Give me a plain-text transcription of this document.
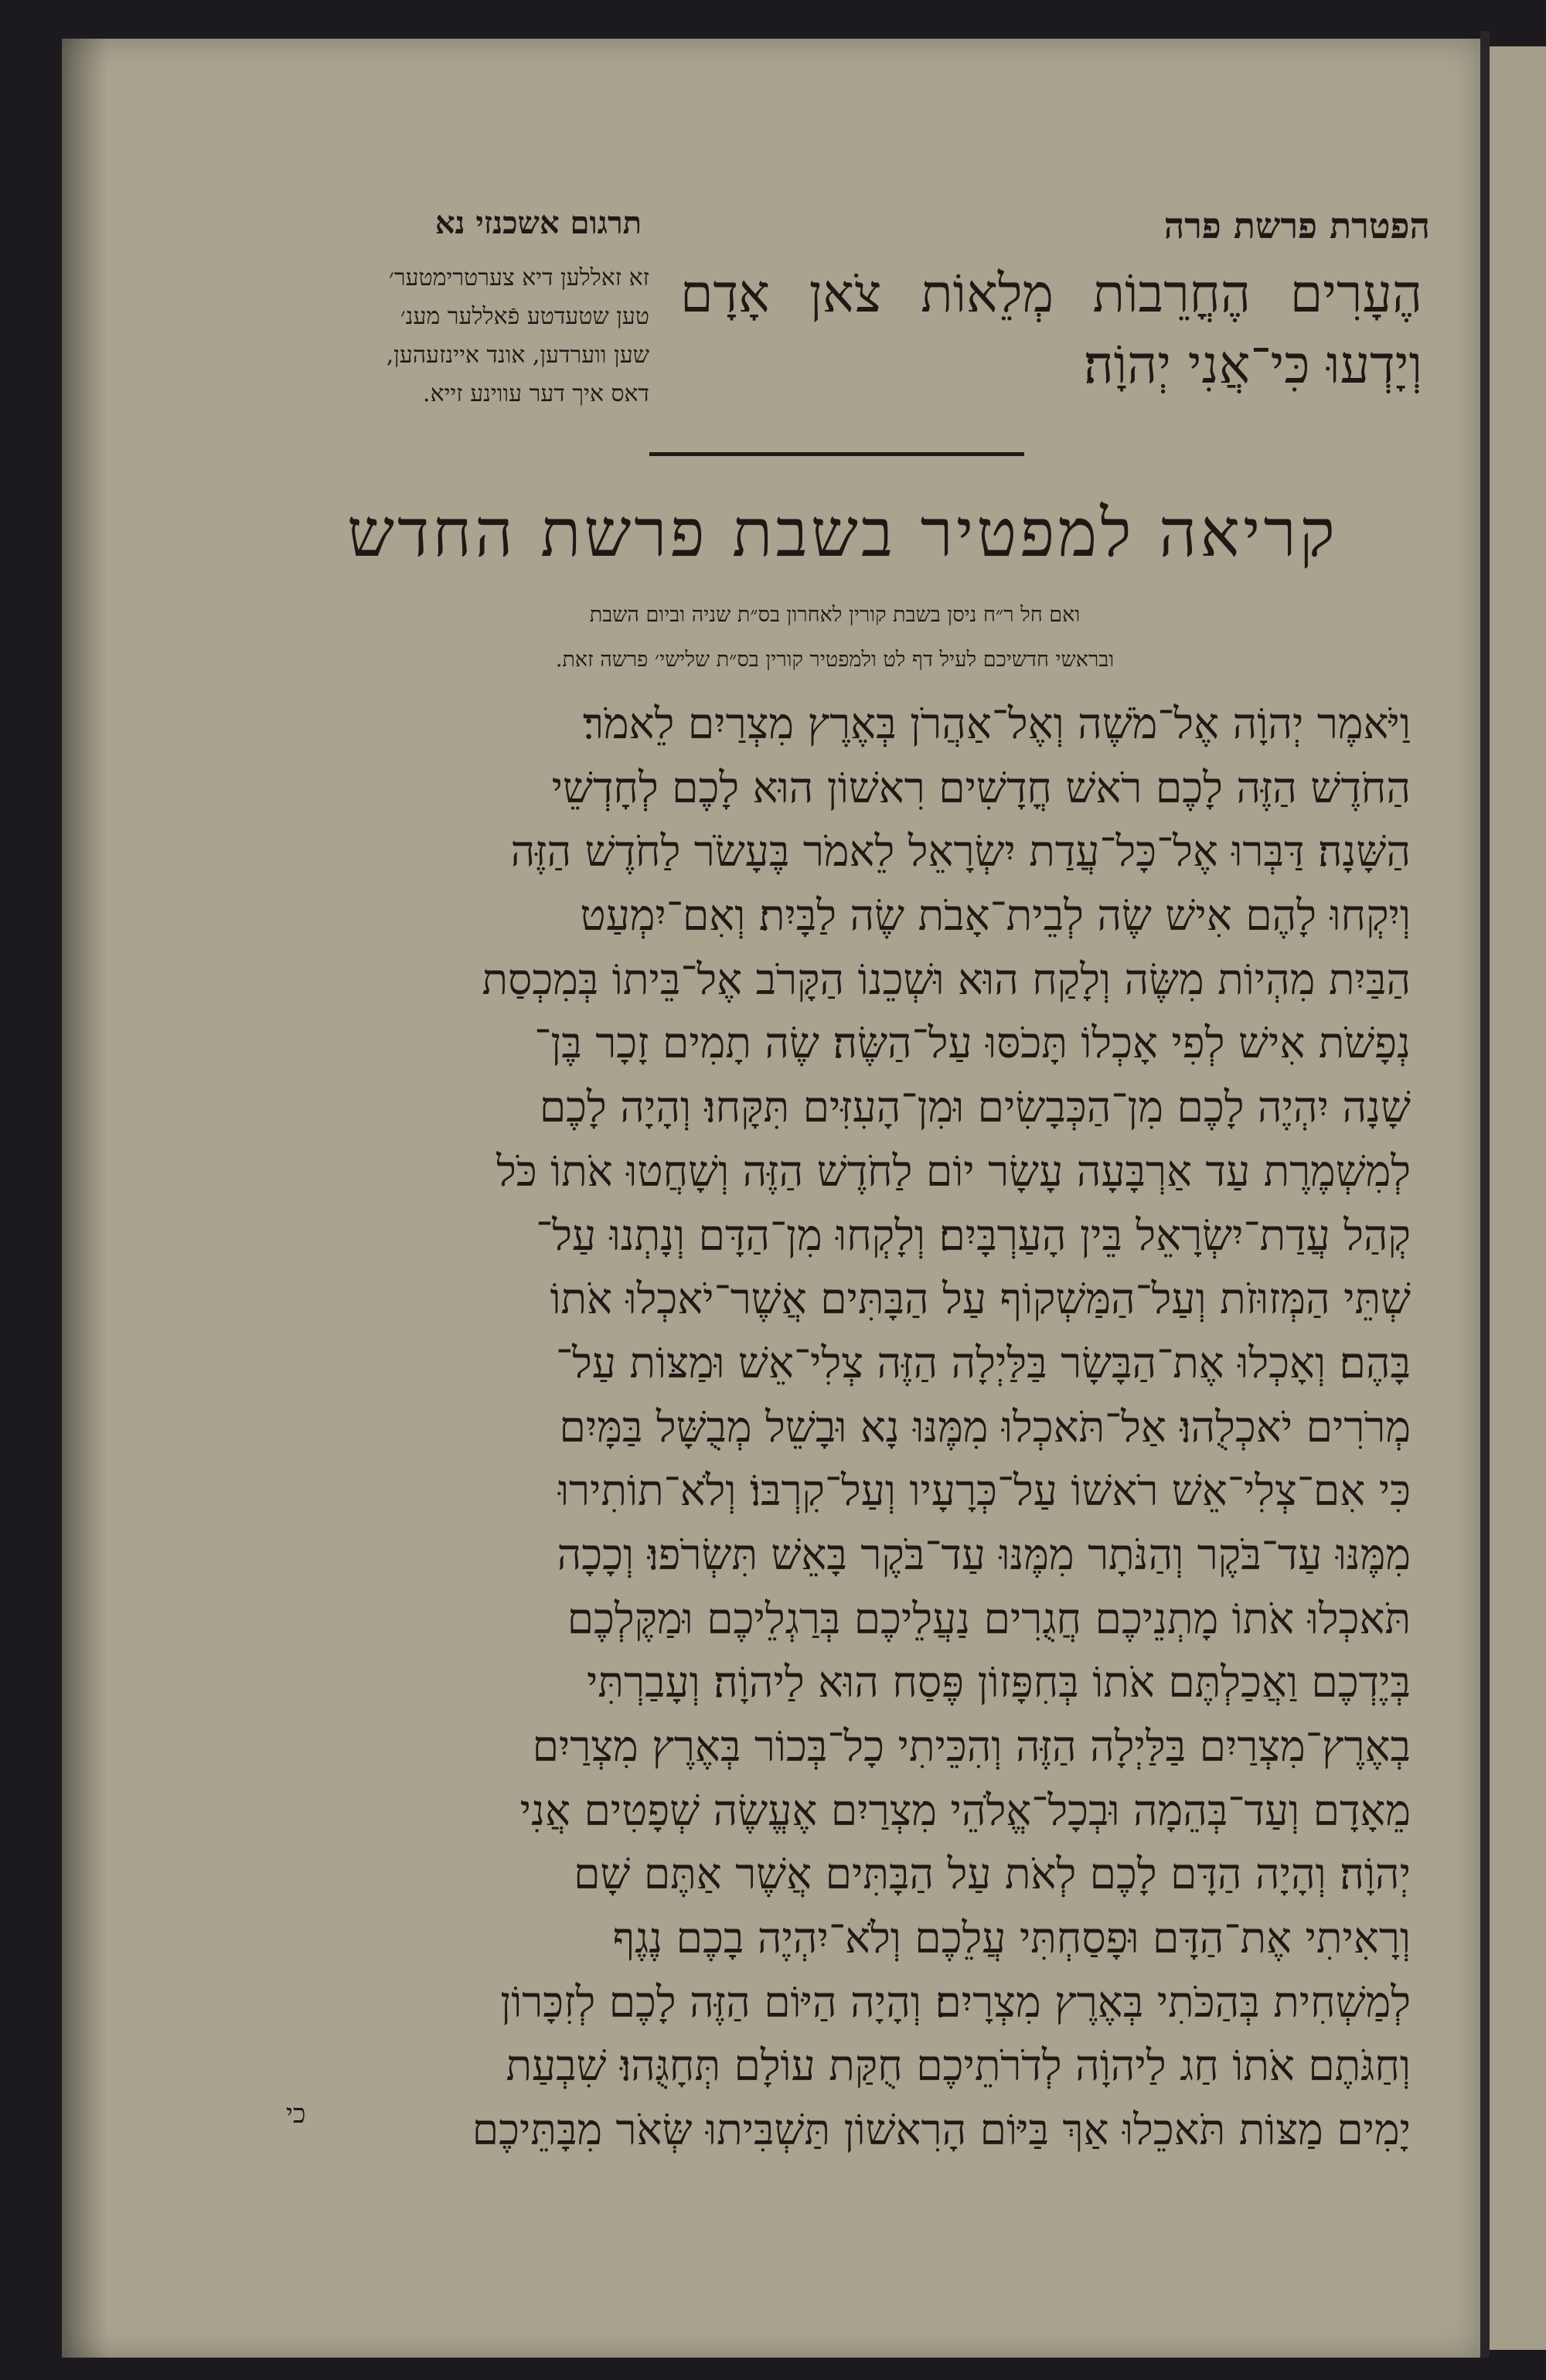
הפטרת פרשת פרה
תרגום אשכנזי נא
הֶעָרִים הֶחֳרֵבוֹת מְלֵאוֹת צֹאן אָדָם וְיָדְעוּ כִּי־אֲנִי יְהוָֹה׃
זא זאללען דיא צערטרימטער׳
טען שטעדטע פֿאללער מענ׳
שען ווערדען, אונד איינזעהען,
דאס איך דער עווינע זייא.
קריאה למפטיר בשבת פרשת החדש
ואם חל ר״ח ניסן בשבת קורין לאחרון בס״ת שניה וביום השבת
ובראשי חדשיכם לעיל דף לט ולמפטיר קורין בס״ת שלישי׳ פרשה זאת.
וַיֹּאמֶר יְהוָֹה אֶל־מֹשֶׁה וְאֶל־אַהֲרֹן בְּאֶרֶץ מִצְרַיִם לֵאמֹר׃
הַחֹדֶשׁ הַזֶּה לָכֶם רֹאשׁ חֳדָשִׁים רִאשׁוֹן הוּא לָכֶם לְחָדְשֵׁי
הַשָּׁנָה׃ דַּבְּרוּ אֶל־כָּל־עֲדַת יִשְׂרָאֵל לֵאמֹר בֶּעָשֹׂר לַחֹדֶשׁ הַזֶּה
וְיִקְחוּ לָהֶם אִישׁ שֶׂה לְבֵית־אָבֹת שֶׂה לַבָּיִת׃ וְאִם־יִמְעַט
הַבַּיִת מִהְיוֹת מִשֶּׂה וְלָקַח הוּא וּשְׁכֵנוֹ הַקָּרֹב אֶל־בֵּיתוֹ בְּמִכְסַת
נְפָשֹׁת אִישׁ לְפִי אָכְלוֹ תָּכֹסּוּ עַל־הַשֶּׂה׃ שֶׂה תָמִים זָכָר בֶּן־
שָׁנָה יִהְיֶה לָכֶם מִן־הַכְּבָשִׂים וּמִן־הָעִזִּים תִּקָּחוּ׃ וְהָיָה לָכֶם
לְמִשְׁמֶרֶת עַד אַרְבָּעָה עָשָׂר יוֹם לַחֹדֶשׁ הַזֶּה וְשָׁחֲטוּ אֹתוֹ כֹּל
קְהַל עֲדַת־יִשְׂרָאֵל בֵּין הָעַרְבָּיִם׃ וְלָקְחוּ מִן־הַדָּם וְנָתְנוּ עַל־
שְׁתֵּי הַמְּזוּזֹת וְעַל־הַמַּשְׁקוֹף עַל הַבָּתִּים אֲשֶׁר־יֹאכְלוּ אֹתוֹ
בָּהֶם׃ וְאָכְלוּ אֶת־הַבָּשָׂר בַּלַּיְלָה הַזֶּה צְלִי־אֵשׁ וּמַצּוֹת עַל־
מְרֹרִים יֹאכְלֻהוּ׃ אַל־תֹּאכְלוּ מִמֶּנּוּ נָא וּבָשֵׁל מְבֻשָּׁל בַּמָּיִם
כִּי אִם־צְלִי־אֵשׁ רֹאשׁוֹ עַל־כְּרָעָיו וְעַל־קִרְבּוֹ׃ וְלֹא־תוֹתִירוּ
מִמֶּנּוּ עַד־בֹּקֶר וְהַנֹּתָר מִמֶּנּוּ עַד־בֹּקֶר בָּאֵשׁ תִּשְׂרֹפוּ׃ וְכָכָה
תֹּאכְלוּ אֹתוֹ מָתְנֵיכֶם חֲגֻרִים נַעֲלֵיכֶם בְּרַגְלֵיכֶם וּמַקֶּלְכֶם
בְּיֶדְכֶם וַאֲכַלְתֶּם אֹתוֹ בְּחִפָּזוֹן פֶּסַח הוּא לַיהוָֹה׃ וְעָבַרְתִּי
בְאֶרֶץ־מִצְרַיִם בַּלַּיְלָה הַזֶּה וְהִכֵּיתִי כָל־בְּכוֹר בְּאֶרֶץ מִצְרַיִם
מֵאָדָם וְעַד־בְּהֵמָה וּבְכָל־אֱלֹהֵי מִצְרַיִם אֶעֱשֶׂה שְׁפָטִים אֲנִי
יְהוָֹה׃ וְהָיָה הַדָּם לָכֶם לְאֹת עַל הַבָּתִּים אֲשֶׁר אַתֶּם שָׁם
וְרָאִיתִי אֶת־הַדָּם וּפָסַחְתִּי עֲלֵכֶם וְלֹא־יִהְיֶה בָכֶם נֶגֶף
לְמַשְׁחִית בְּהַכֹּתִי בְּאֶרֶץ מִצְרָיִם׃ וְהָיָה הַיּוֹם הַזֶּה לָכֶם לְזִכָּרוֹן
וְחַגֹּתֶם אֹתוֹ חַג לַיהוָֹה לְדֹרֹתֵיכֶם חֻקַּת עוֹלָם תְּחָגֻּהוּ׃ שִׁבְעַת
יָמִים מַצּוֹת תֹּאכֵלוּ אַךְ בַּיּוֹם הָרִאשׁוֹן תַּשְׁבִּיתוּ שְּׂאֹר מִבָּתֵּיכֶם
כי
